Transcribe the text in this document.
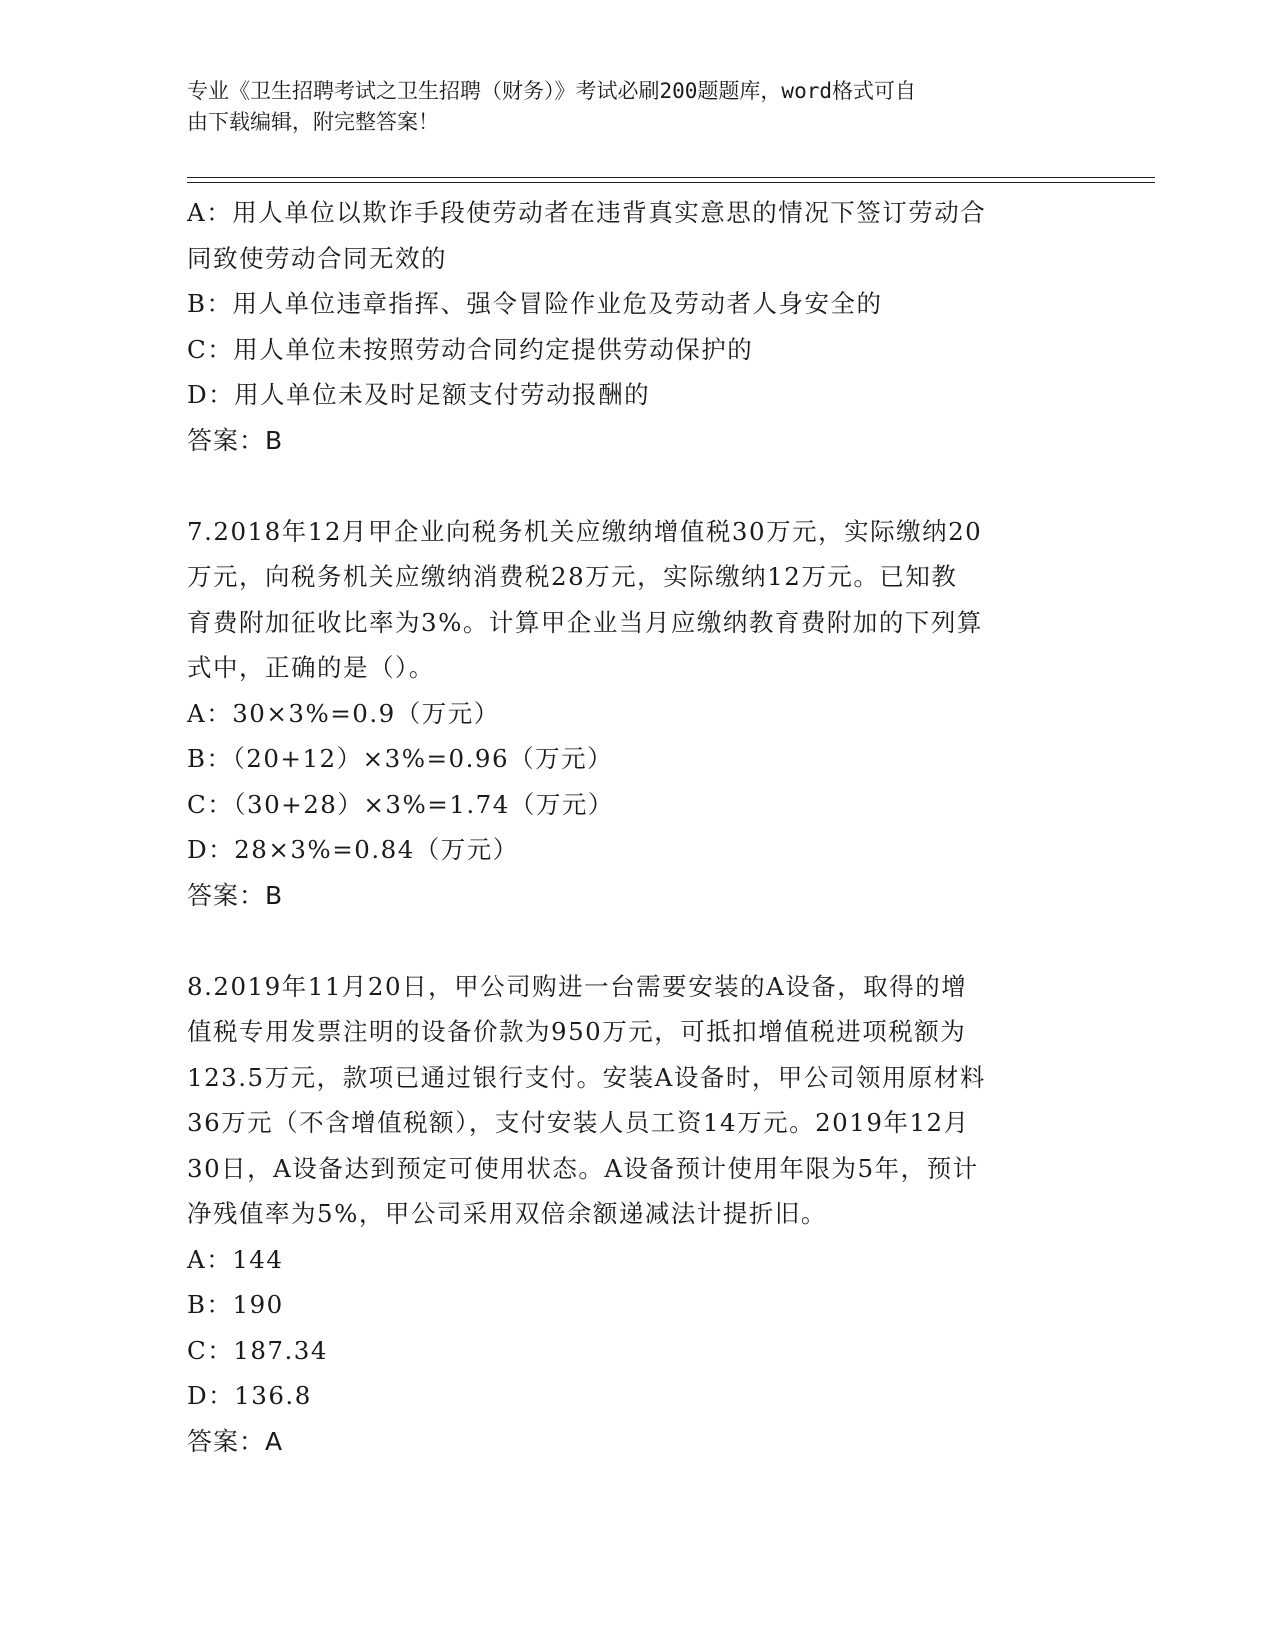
专业《卫生招聘考试之卫生招聘（财务）》考试必刷200题题库，word格式可自
由下载编辑，附完整答案！
A：用人单位以欺诈手段使劳动者在违背真实意思的情况下签订劳动合
同致使劳动合同无效的
B：用人单位违章指挥、强令冒险作业危及劳动者人身安全的
C：用人单位未按照劳动合同约定提供劳动保护的
D：用人单位未及时足额支付劳动报酬的
答案：B
7.2018年12月甲企业向税务机关应缴纳增值税30万元，实际缴纳20
万元，向税务机关应缴纳消费税28万元，实际缴纳12万元。已知教
育费附加征收比率为3%。计算甲企业当月应缴纳教育费附加的下列算
式中，正确的是（）。
A：30×3%=0.9（万元）
B：（20+12）×3%=0.96（万元）
C：（30+28）×3%=1.74（万元）
D：28×3%=0.84（万元）
答案：B
8.2019年11月20日，甲公司购进一台需要安装的A设备，取得的增
值税专用发票注明的设备价款为950万元，可抵扣增值税进项税额为
123.5万元，款项已通过银行支付。安装A设备时，甲公司领用原材料
36万元（不含增值税额），支付安装人员工资14万元。2019年12月
30日，A设备达到预定可使用状态。A设备预计使用年限为5年，预计
净残值率为5%，甲公司采用双倍余额递减法计提折旧。
A：144
B：190
C：187.34
D：136.8
答案：A
